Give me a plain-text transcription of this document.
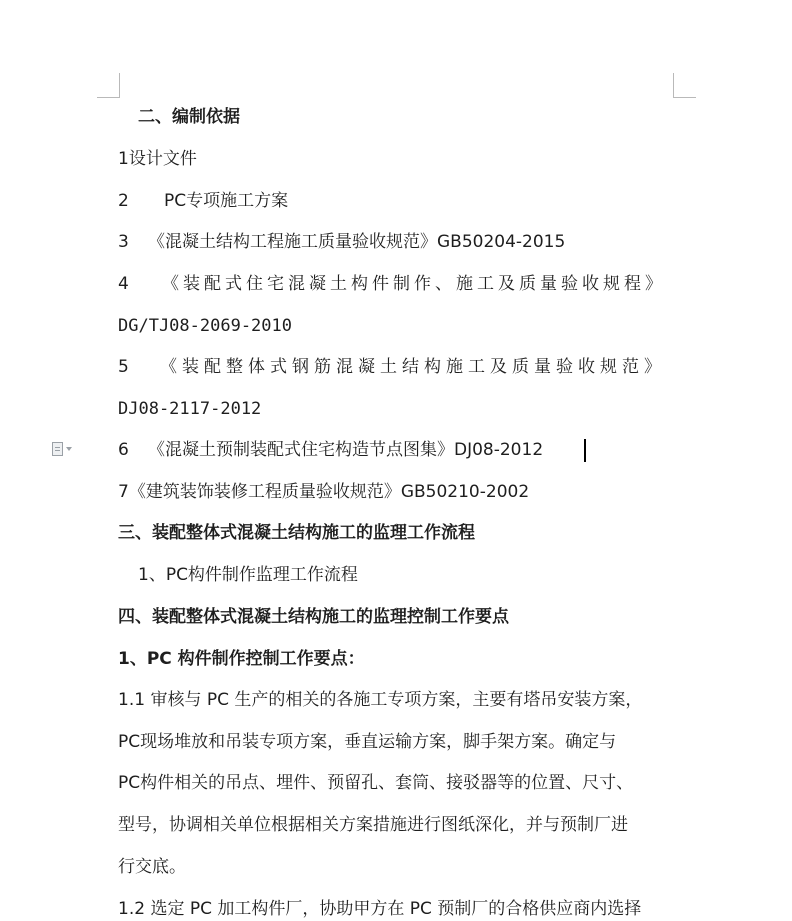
二、编制依据
1设计文件
2 PC专项施工方案
3 《混凝土结构工程施工质量验收规范》GB50204-2015
4	《装配式住宅混凝土构件制作、施工及质量验收规程》
DG/TJ08-2069-2010
5	《装配整体式钢筋混凝土结构施工及质量验收规范》
DJ08-2117-2012
6 《混凝土预制装配式住宅构造节点图集》DJ08-2012
7《建筑装饰装修工程质量验收规范》GB50210-2002
三、装配整体式混凝土结构施工的监理工作流程
1、PC构件制作监理工作流程
四、装配整体式混凝土结构施工的监理控制工作要点
1、PC 构件制作控制工作要点：
1.1 审核与 PC 生产的相关的各施工专项方案，主要有塔吊安装方案，
PC现场堆放和吊装专项方案，垂直运输方案，脚手架方案。确定与
PC构件相关的吊点、埋件、预留孔、套筒、接驳器等的位置、尺寸、
型号，协调相关单位根据相关方案措施进行图纸深化，并与预制厂进
行交底。
1.2 选定 PC 加工构件厂，协助甲方在 PC 预制厂的合格供应商内选择
